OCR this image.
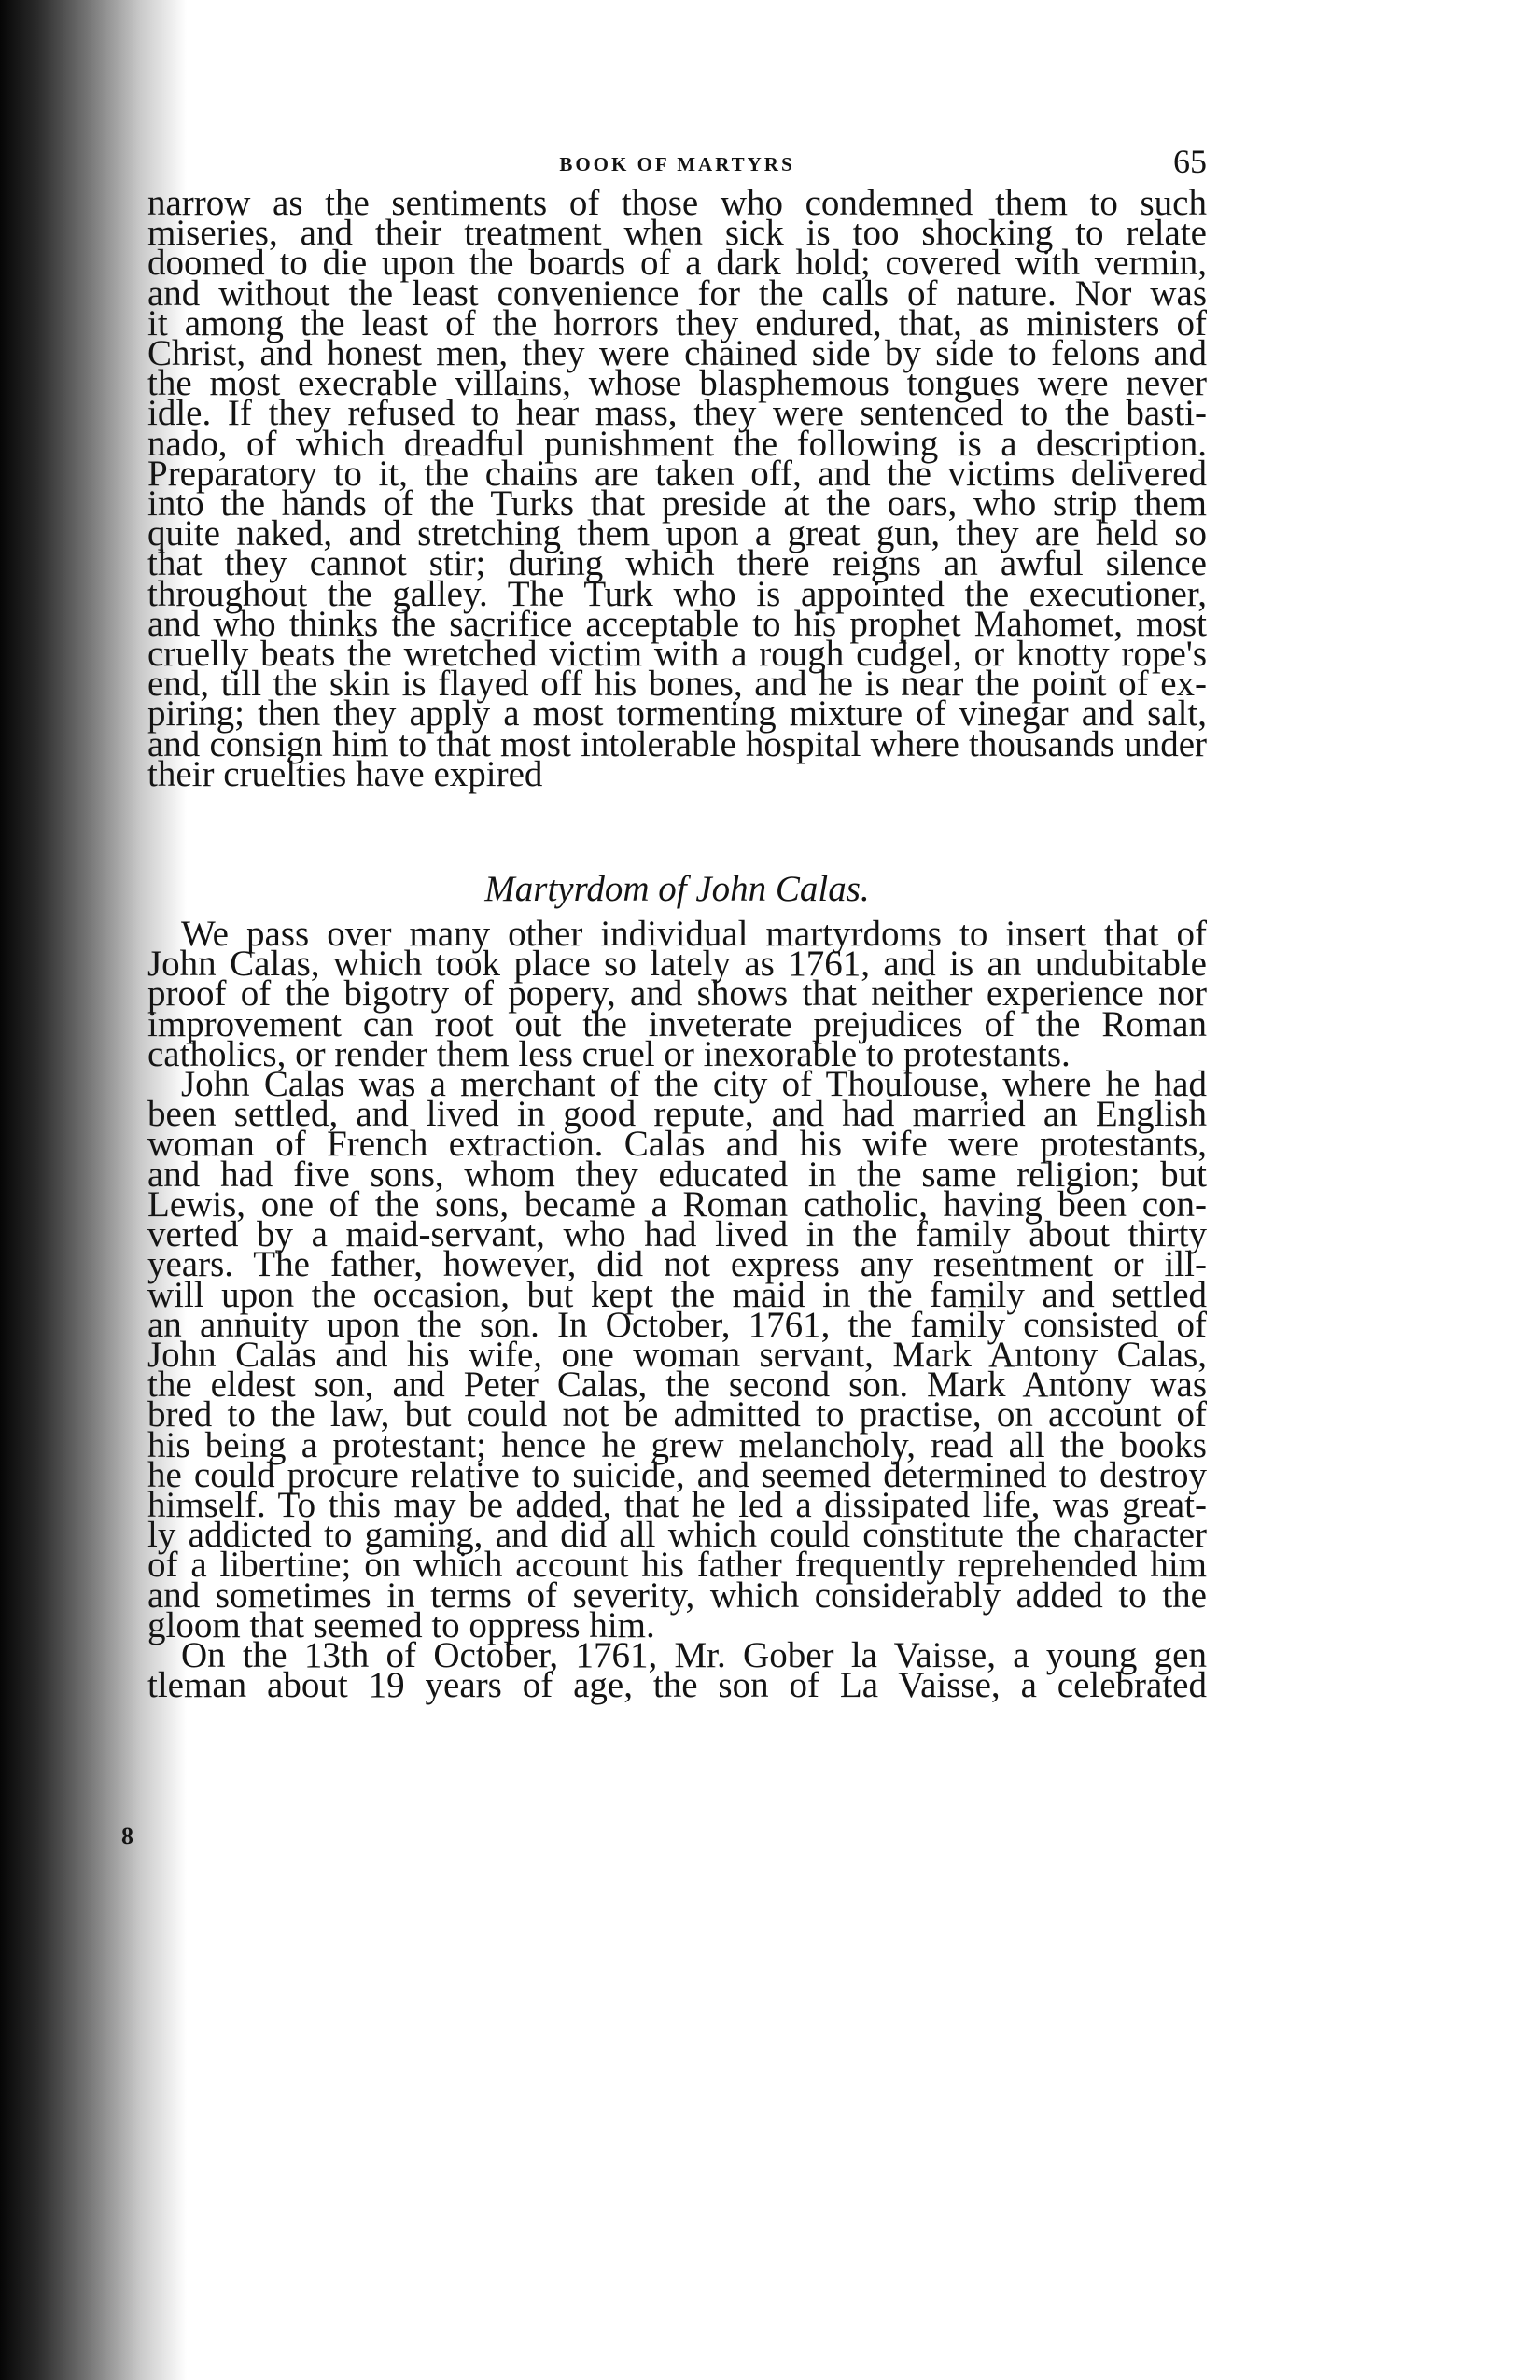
BOOK OF MARTYRS	65

narrow as the sentiments of those who condemned them to such
miseries, and their treatment when sick is too shocking to relate
doomed to die upon the boards of a dark hold; covered with vermin,
and without the least convenience for the calls of nature. Nor was
it among the least of the horrors they endured, that, as ministers of
Christ, and honest men, they were chained side by side to felons and
the most execrable villains, whose blasphemous tongues were never
idle. If they refused to hear mass, they were sentenced to the basti-
nado, of which dreadful punishment the following is a description.
Preparatory to it, the chains are taken off, and the victims delivered
into the hands of the Turks that preside at the oars, who strip them
quite naked, and stretching them upon a great gun, they are held so
that they cannot stir; during which there reigns an awful silence
throughout the galley. The Turk who is appointed the executioner,
and who thinks the sacrifice acceptable to his prophet Mahomet, most
cruelly beats the wretched victim with a rough cudgel, or knotty rope's
end, till the skin is flayed off his bones, and he is near the point of ex-
piring; then they apply a most tormenting mixture of vinegar and salt,
and consign him to that most intolerable hospital where thousands under
their cruelties have expired

Martyrdom of John Calas.

We pass over many other individual martyrdoms to insert that of
John Calas, which took place so lately as 1761, and is an undubitable
proof of the bigotry of popery, and shows that neither experience nor
improvement can root out the inveterate prejudices of the Roman
catholics, or render them less cruel or inexorable to protestants.

John Calas was a merchant of the city of Thoulouse, where he had
been settled, and lived in good repute, and had married an English
woman of French extraction. Calas and his wife were protestants,
and had five sons, whom they educated in the same religion; but
Lewis, one of the sons, became a Roman catholic, having been con-
verted by a maid-servant, who had lived in the family about thirty
years. The father, however, did not express any resentment or ill-
will upon the occasion, but kept the maid in the family and settled
an annuity upon the son. In October, 1761, the family consisted of
John Calas and his wife, one woman servant, Mark Antony Calas,
the eldest son, and Peter Calas, the second son. Mark Antony was
bred to the law, but could not be admitted to practise, on account of
his being a protestant; hence he grew melancholy, read all the books
he could procure relative to suicide, and seemed determined to destroy
himself. To this may be added, that he led a dissipated life, was great-
ly addicted to gaming, and did all which could constitute the character
of a libertine; on which account his father frequently reprehended him
and sometimes in terms of severity, which considerably added to the
gloom that seemed to oppress him.

On the 13th of October, 1761, Mr. Gober la Vaisse, a young gen
tleman about 19 years of age, the son of La Vaisse, a celebrated

8
